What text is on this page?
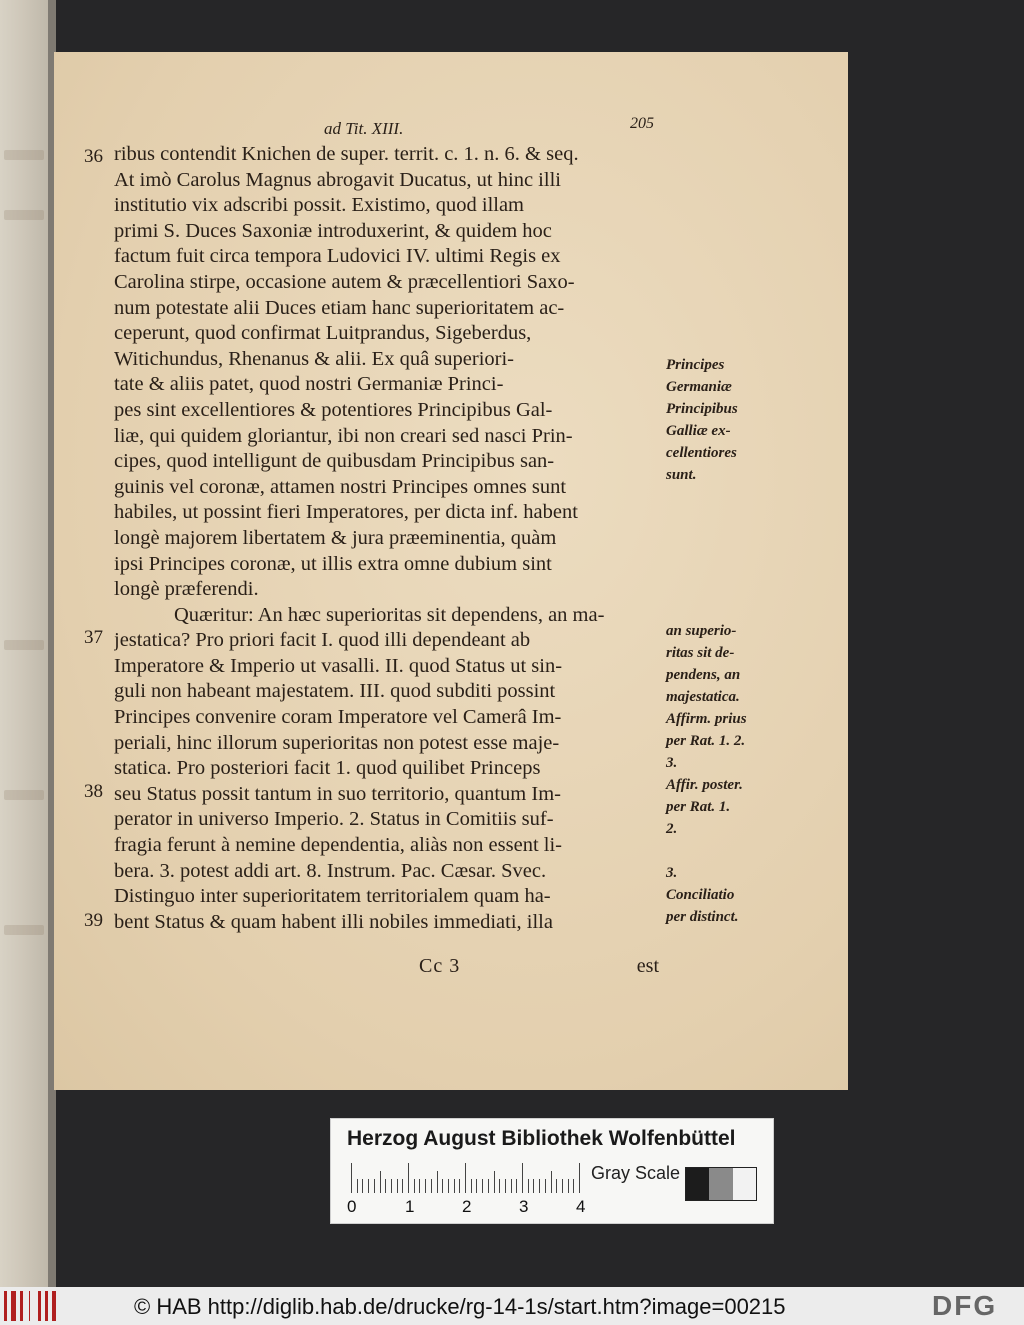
ad Tit. XIII.	205
36
37
38
39
ribus contendit Knichen de super. territ. c. 1. n. 6. & seq.
At imò Carolus Magnus abrogavit Ducatus, ut hinc illi
institutio vix adscribi possit. Existimo, quod illam
primi S. Duces Saxoniæ introduxerint, & quidem hoc
factum fuit circa tempora Ludovici IV. ultimi Regis ex
Carolina stirpe, occasione autem & præcellentiori Saxo-
num potestate alii Duces etiam hanc superioritatem ac-
ceperunt, quod confirmat Luitprandus, Sigeberdus,
Witichundus, Rhenanus & alii. Ex quâ superiori-
tate & aliis patet, quod nostri Germaniæ Princi-
pes sint excellentiores & potentiores Principibus Gal-
liæ, qui quidem gloriantur, ibi non creari sed nasci Prin-
cipes, quod intelligunt de quibusdam Principibus san-
guinis vel coronæ, attamen nostri Principes omnes sunt
habiles, ut possint fieri Imperatores, per dicta inf. habent
longè majorem libertatem & jura præeminentia, quàm
ipsi Principes coronæ, ut illis extra omne dubium sint
longè præferendi.
Quæritur: An hæc superioritas sit dependens, an ma-
jestatica? Pro priori facit I. quod illi dependeant ab
Imperatore & Imperio ut vasalli. II. quod Status ut sin-
guli non habeant majestatem. III. quod subditi possint
Principes convenire coram Imperatore vel Camerâ Im-
periali, hinc illorum superioritas non potest esse maje-
statica. Pro posteriori facit 1. quod quilibet Princeps
seu Status possit tantum in suo territorio, quantum Im-
perator in universo Imperio. 2. Status in Comitiis suf-
fragia ferunt à nemine dependentia, aliàs non essent li-
bera. 3. potest addi art. 8. Instrum. Pac. Cæsar. Svec.
Distinguo inter superioritatem territorialem quam ha-
bent Status & quam habent illi nobiles immediati, illa
Principes
Germaniæ
Principibus
Galliæ ex-
cellentiores
sunt.
an superio-
ritas sit de-
pendens, an
majestatica.
Affirm. prius
per Rat. 1. 2.
3.
Affir. poster.
per Rat. 1.
2.
3.
Conciliatio
per distinct.
Cc 3	est
Herzog August Bibliothek Wolfenbüttel
0	1	2	3	4
Gray Scale
© HAB http://diglib.hab.de/drucke/rg-14-1s/start.htm?image=00215	DFG
